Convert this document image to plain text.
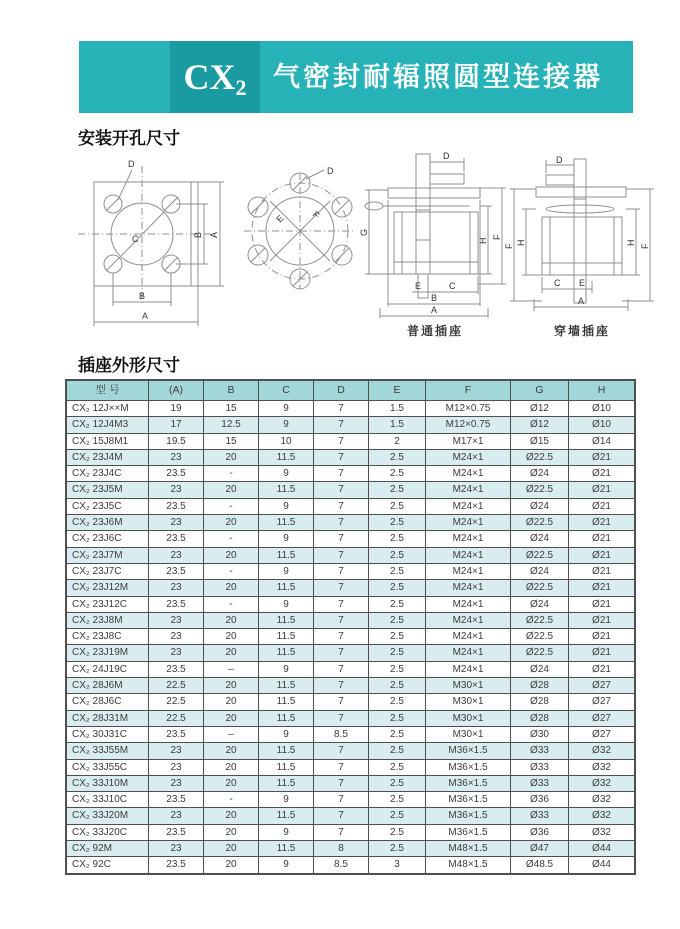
CX 2 气密封耐辐照圆型连接器
安装开孔尺寸
D
C	B A
B
A
D
E	F
D
G
H
F
E	C
B
A
普通插座
D
F
H	H
F
C E
A
穿墙插座
插座外形尺寸
型 号	(A)	B	C	D	E	F	G	H
CX₂ 12J××M	19	15	9	7	1.5	M12×0.75	Ø12	Ø10
CX₂ 12J4M3	17	12.5	9	7	1.5	M12×0.75	Ø12	Ø10
CX₂ 15J8M1	19.5	15	10	7	2	M17×1	Ø15	Ø14
CX₂ 23J4M	23	20	11.5	7	2.5	M24×1	Ø22.5	Ø21
CX₂ 23J4C	23.5	-	9	7	2.5	M24×1	Ø24	Ø21
CX₂ 23J5M	23	20	11.5	7	2.5	M24×1	Ø22.5	Ø21
CX₂ 23J5C	23.5	-	9	7	2.5	M24×1	Ø24	Ø21
CX₂ 23J6M	23	20	11.5	7	2.5	M24×1	Ø22.5	Ø21
CX₂ 23J6C	23.5	-	9	7	2.5	M24×1	Ø24	Ø21
CX₂ 23J7M	23	20	11.5	7	2.5	M24×1	Ø22.5	Ø21
CX₂ 23J7C	23.5	-	9	7	2.5	M24×1	Ø24	Ø21
CX₂ 23J12M	23	20	11.5	7	2.5	M24×1	Ø22.5	Ø21
CX₂ 23J12C	23.5	-	9	7	2.5	M24×1	Ø24	Ø21
CX₂ 23J8M	23	20	11.5	7	2.5	M24×1	Ø22.5	Ø21
CX₂ 23J8C	23	20	11.5	7	2.5	M24×1	Ø22.5	Ø21
CX₂ 23J19M	23	20	11.5	7	2.5	M24×1	Ø22.5	Ø21
CX₂ 24J19C	23.5	–	9	7	2.5	M24×1	Ø24	Ø21
CX₂ 28J6M	22.5	20	11.5	7	2.5	M30×1	Ø28	Ø27
CX₂ 28J6C	22.5	20	11.5	7	2.5	M30×1	Ø28	Ø27
CX₂ 28J31M	22.5	20	11.5	7	2.5	M30×1	Ø28	Ø27
CX₂ 30J31C	23.5	–	9	8.5	2.5	M30×1	Ø30	Ø27
CX₂ 33J55M	23	20	11.5	7	2.5	M36×1.5	Ø33	Ø32
CX₂ 33J55C	23	20	11.5	7	2.5	M36×1.5	Ø33	Ø32
CX₂ 33J10M	23	20	11.5	7	2.5	M36×1.5	Ø33	Ø32
CX₂ 33J10C	23.5	-	9	7	2.5	M36×1.5	Ø36	Ø32
CX₂ 33J20M	23	20	11.5	7	2.5	M36×1.5	Ø33	Ø32
CX₂ 33J20C	23.5	20	9	7	2.5	M36×1.5	Ø36	Ø32
CX₂ 92M	23	20	11.5	8	2.5	M48×1.5	Ø47	Ø44
CX₂ 92C	23.5	20	9	8.5	3	M48×1.5	Ø48.5	Ø44
